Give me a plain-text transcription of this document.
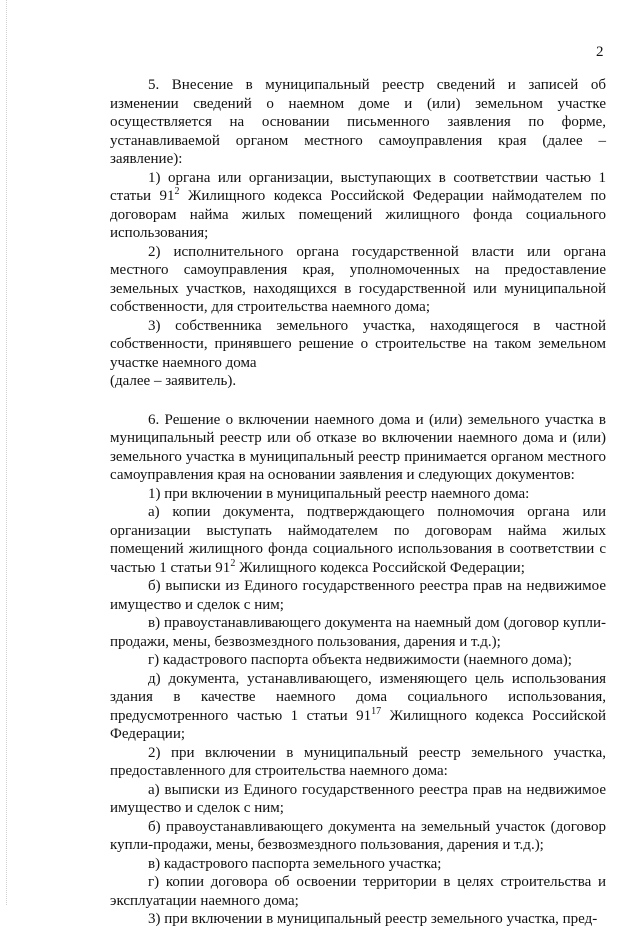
2

5. Внесение в муниципальный реестр сведений и записей об изменении сведений о наемном доме и (или) земельном участке осуществляется на основании письменного заявления по форме, устанавливаемой органом местного самоуправления края (далее – заявление):

1) органа или организации, выступающих в соответствии частью 1 статьи $91^2$ Жилищного кодекса Российской Федерации наймодателем по договорам найма жилых помещений жилищного фонда социального использования;

2) исполнительного органа государственной власти или органа местного самоуправления края, уполномоченных на предоставление земельных участков, находящихся в государственной или муниципальной собственности, для строительства наемного дома;

3) собственника земельного участка, находящегося в частной собственности, принявшего решение о строительстве на таком земельном участке наемного дома

(далее – заявитель).

6. Решение о включении наемного дома и (или) земельного участка в муниципальный реестр или об отказе во включении наемного дома и (или) земельного участка в муниципальный реестр принимается органом местного самоуправления края на основании заявления и следующих документов:

1) при включении в муниципальный реестр наемного дома:

а) копии документа, подтверждающего полномочия органа или организации выступать наймодателем по договорам найма жилых помещений жилищного фонда социального использования в соответствии с частью 1 статьи $91^2$ Жилищного кодекса Российской Федерации;

б) выписки из Единого государственного реестра прав на недвижимое имущество и сделок с ним;

в) правоустанавливающего документа на наемный дом (договор купли-продажи, мены, безвозмездного пользования, дарения и т.д.);

г) кадастрового паспорта объекта недвижимости (наемного дома);

д) документа, устанавливающего, изменяющего цель использования здания в качестве наемного дома социального использования, предусмотренного частью 1 статьи $91^{17}$ Жилищного кодекса Российской Федерации;

2) при включении в муниципальный реестр земельного участка, предоставленного для строительства наемного дома:

а) выписки из Единого государственного реестра прав на недвижимое имущество и сделок с ним;

б) правоустанавливающего документа на земельный участок (договор купли-продажи, мены, безвозмездного пользования, дарения и т.д.);

в) кадастрового паспорта земельного участка;

г) копии договора об освоении территории в целях строительства и эксплуатации наемного дома;

3) при включении в муниципальный реестр земельного участка, пред-
